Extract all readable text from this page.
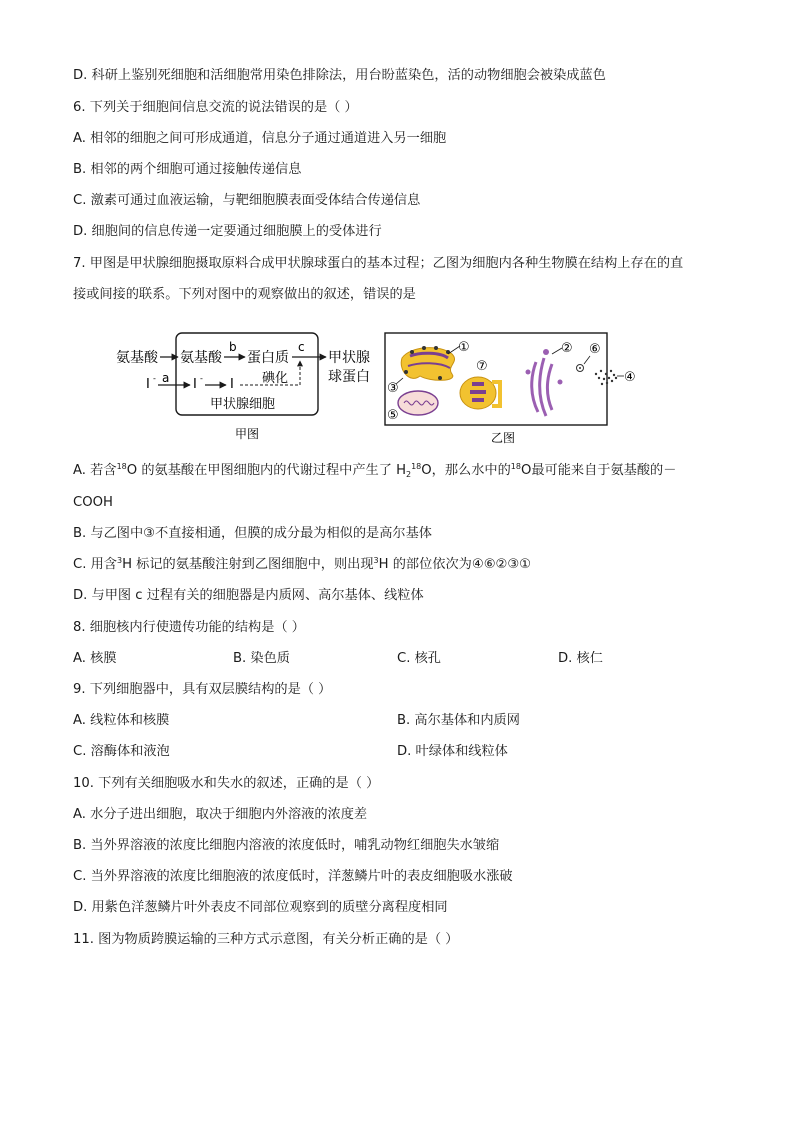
D. 科研上鉴别死细胞和活细胞常用染色排除法，用台盼蓝染色，活的动物细胞会被染成蓝色
6. 下列关于细胞间信息交流的说法错误的是（ ）
A. 相邻的细胞之间可形成通道，信息分子通过通道进入另一细胞
B. 相邻的两个细胞可通过接触传递信息
C. 激素可通过血液运输，与靶细胞膜表面受体结合传递信息
D. 细胞间的信息传递一定要通过细胞膜上的受体进行
7. 甲图是甲状腺细胞摄取原料合成甲状腺球蛋白的基本过程；乙图为细胞内各种生物膜在结构上存在的直
接或间接的联系。下列对图中的观察做出的叙述，错误的是
氨基酸 氨基酸
b
蛋白质
c
甲状腺
球蛋白
I - a I - I 碘化
甲状腺细胞
甲图
①
③
⑤
⑦
② ⑥
④
乙图
A. 若含$^{18}$O 的氨基酸在甲图细胞内的代谢过程中产生了 $H_2^{18}O$，那么水中的$^{18}$O最可能来自于氨基酸的－
COOH
B. 与乙图中③不直接相通，但膜的成分最为相似的是高尔基体
C. 用含$^3$H 标记的氨基酸注射到乙图细胞中，则出现$^3$H 的部位依次为④⑥②③①
D. 与甲图 c 过程有关的细胞器是内质网、高尔基体、线粒体
8. 细胞核内行使遗传功能的结构是（ ）
A. 核膜	B. 染色质	C. 核孔	D. 核仁
9. 下列细胞器中，具有双层膜结构的是（ ）
A. 线粒体和核膜	B. 高尔基体和内质网
C. 溶酶体和液泡	D. 叶绿体和线粒体
10. 下列有关细胞吸水和失水的叙述，正确的是（ ）
A. 水分子进出细胞，取决于细胞内外溶液的浓度差
B. 当外界溶液的浓度比细胞内溶液的浓度低时，哺乳动物红细胞失水皱缩
C. 当外界溶液的浓度比细胞液的浓度低时，洋葱鳞片叶的表皮细胞吸水涨破
D. 用紫色洋葱鳞片叶外表皮不同部位观察到的质壁分离程度相同
11. 图为物质跨膜运输的三种方式示意图，有关分析正确的是（ ）
